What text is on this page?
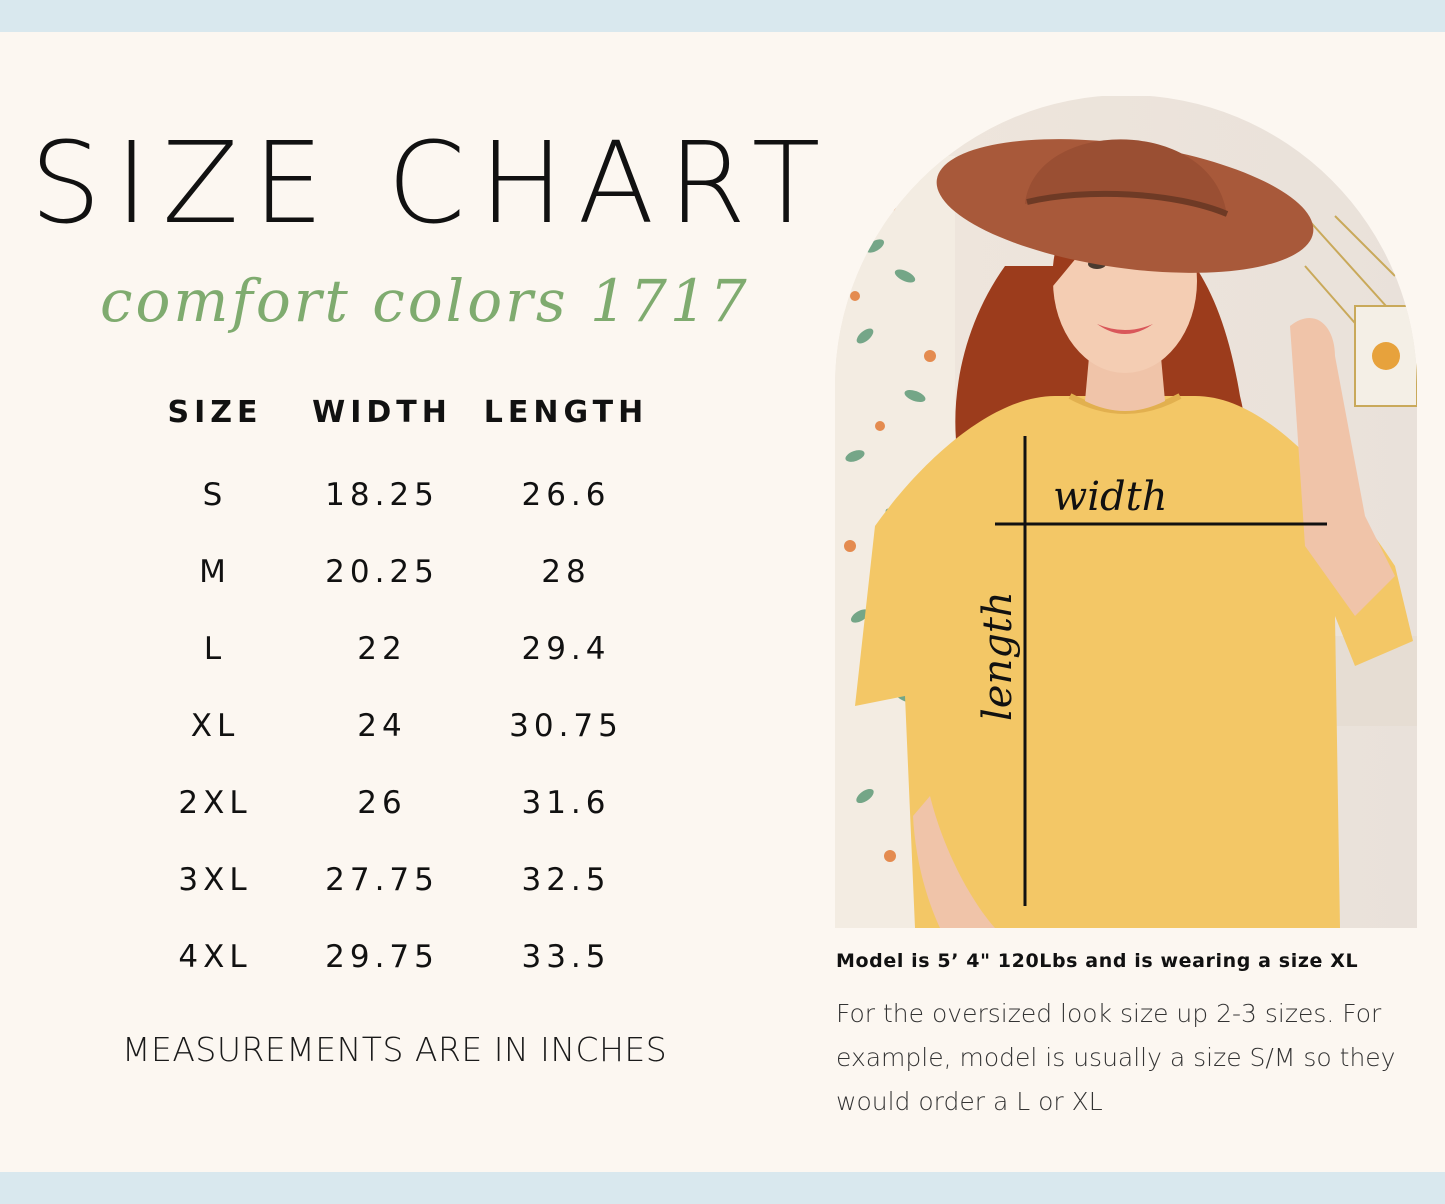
SIZE CHART
comfort colors 1717
SIZE	WIDTH	LENGTH
S	18.25	26.6
M	20.25	28
L	22	29.4
XL	24	30.75
2XL	26	31.6
3XL	27.75	32.5
4XL	29.75	33.5
MEASUREMENTS ARE IN INCHES
width
length
Model is 5’ 4" 120Lbs and is wearing a size XL
For the oversized look size up 2-3 sizes. For example, model is usually a size S/M so they would order a L or XL
